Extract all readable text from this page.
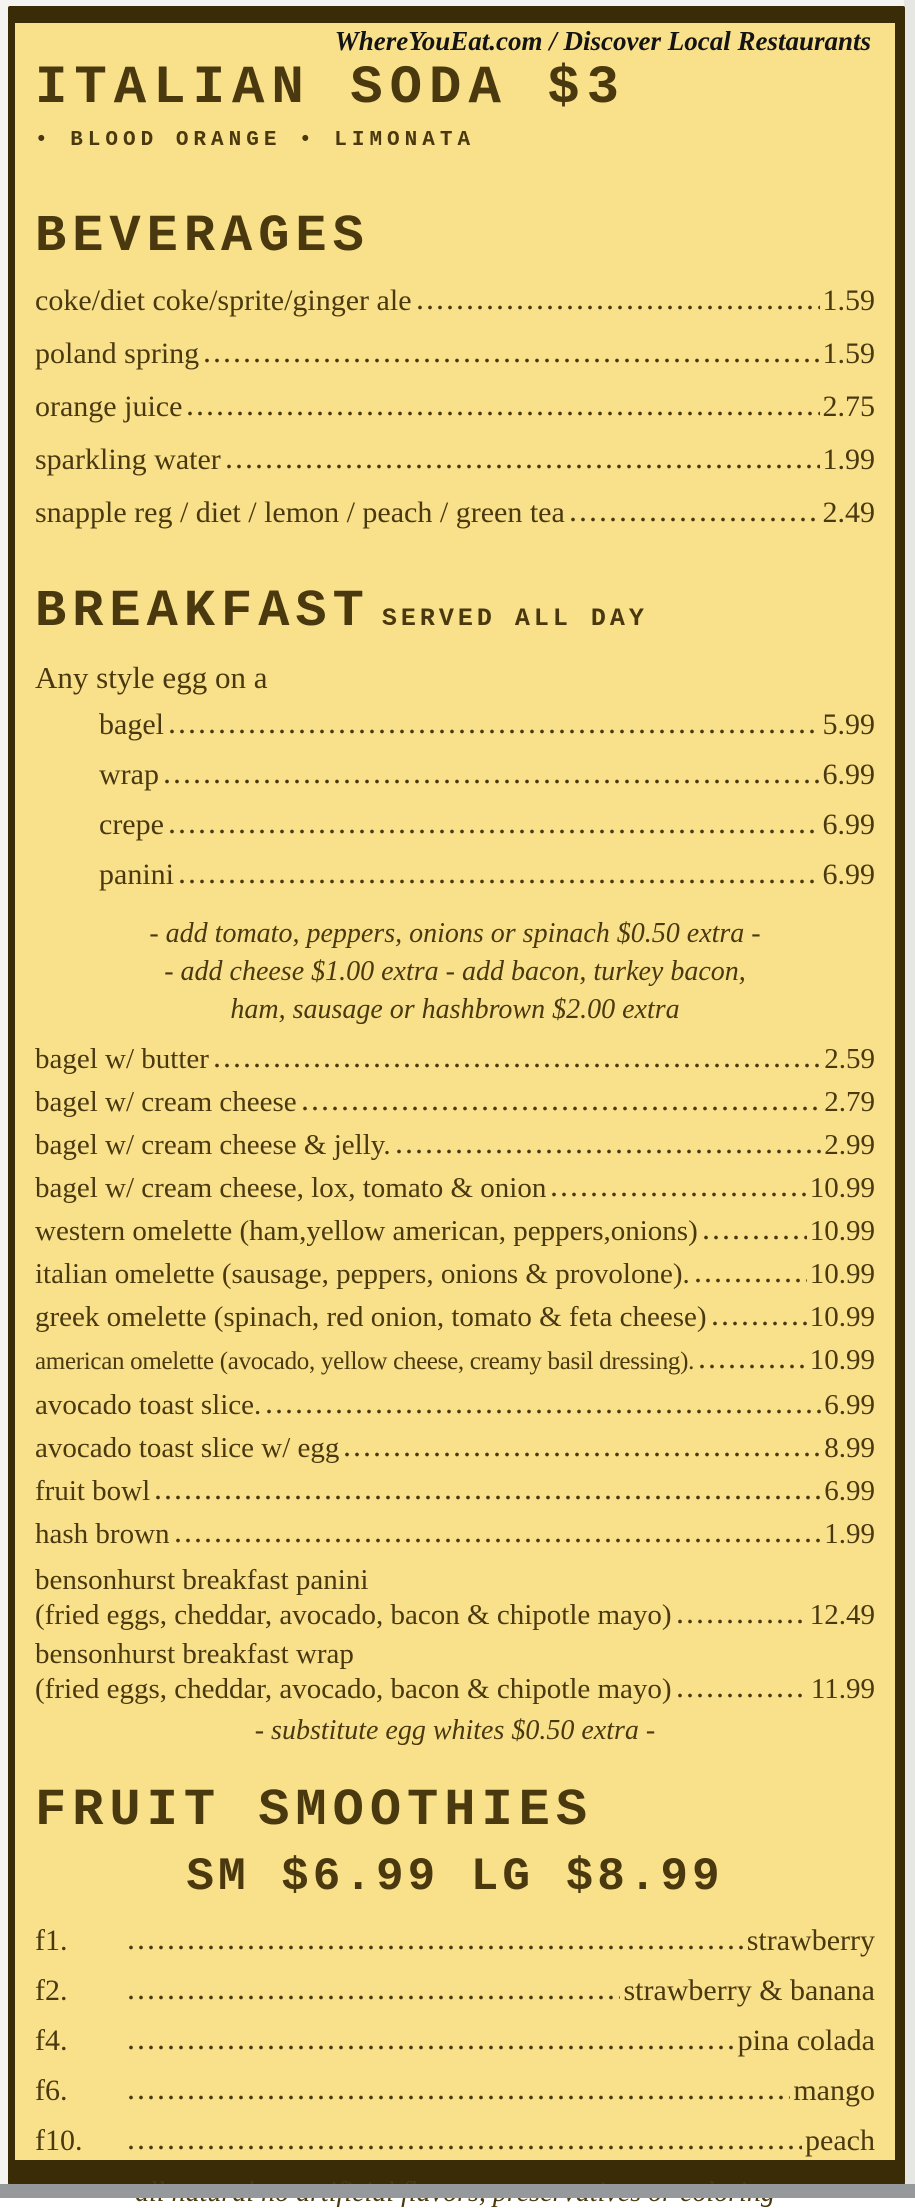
WhereYouEat.com / Discover Local Restaurants
ITALIAN SODA $3
• BLOOD ORANGE • LIMONATA
BEVERAGES
coke/diet coke/sprite/ginger ale	1.59
poland spring	1.59
orange juice	2.75
sparkling water	1.99
snapple reg / diet / lemon / peach / green tea	2.49
BREAKFAST SERVED ALL DAY
Any style egg on a
bagel	5.99
wrap	6.99
crepe	6.99
panini	6.99
- add tomato, peppers, onions or spinach $0.50 extra -
- add cheese $1.00 extra - add bacon, turkey bacon,
ham, sausage or hashbrown $2.00 extra
bagel w/ butter	2.59
bagel w/ cream cheese	2.79
bagel w/ cream cheese & jelly.	2.99
bagel w/ cream cheese, lox, tomato & onion	10.99
western omelette (ham,yellow american, peppers,onions)	10.99
italian omelette (sausage, peppers, onions & provolone).	10.99
greek omelette (spinach, red onion, tomato & feta cheese)	10.99
american omelette (avocado, yellow cheese, creamy basil dressing).	10.99
avocado toast slice.	6.99
avocado toast slice w/ egg	8.99
fruit bowl	6.99
hash brown	1.99
bensonhurst breakfast panini
(fried eggs, cheddar, avocado, bacon & chipotle mayo)	12.49
bensonhurst breakfast wrap
(fried eggs, cheddar, avocado, bacon & chipotle mayo)	11.99
- substitute egg whites $0.50 extra -
FRUIT SMOOTHIES
SM $6.99 LG $8.99
f1.	strawberry
f2.	strawberry & banana
f4.	pina colada
f6.	mango
f10.	peach
